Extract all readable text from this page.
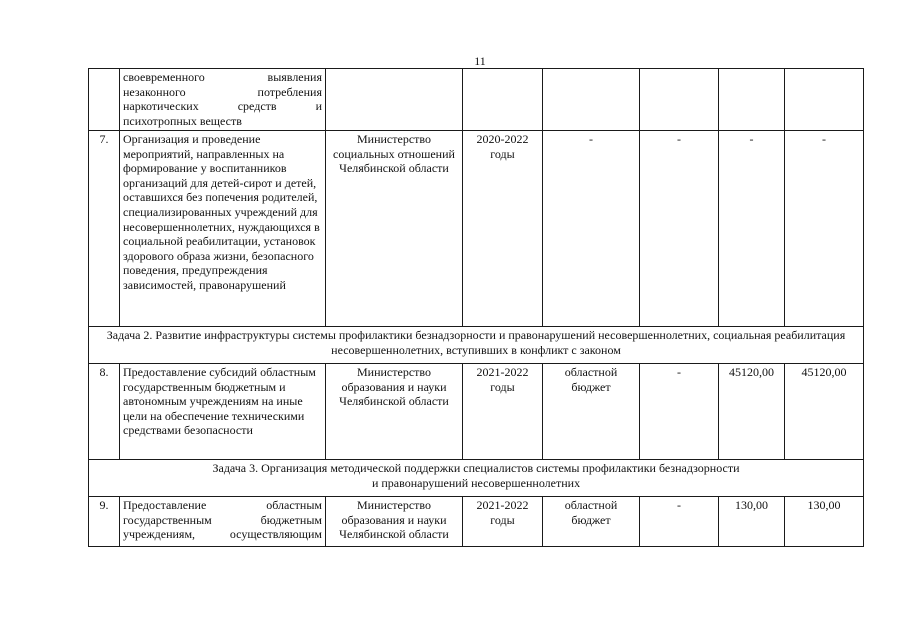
11

	своевременного выявления
незаконного потребления
наркотических средств и
психотропных веществ						

7.	Организация и проведение мероприятий, направленных на формирование у воспитанников организаций для детей-сирот и детей, оставшихся без попечения родителей, специализированных учреждений для несовершеннолетних, нуждающихся в социальной реабилитации, установок здорового образа жизни, безопасного поведения, предупреждения зависимостей, правонарушений	Министерство социальных отношений Челябинской области	2020-2022 годы	-	-	-	-
Задача 2. Развитие инфраструктуры системы профилактики безнадзорности и правонарушений несовершеннолетних, социальная реабилитация несовершеннолетних, вступивших в конфликт с законом							
8.	Предоставление субсидий областным государственным бюджетным и автономным учреждениям на иные цели на обеспечение техническими средствами безопасности	Министерство образования и науки Челябинской области	2021-2022 годы	областной бюджет	-	45120,00	45120,00

Задача 3. Организация методической поддержки специалистов системы профилактики безнадзорности
и правонарушений несовершеннолетних							

9.	Предоставление областным
государственным бюджетным
учреждениям, осуществляющим	Министерство образования и науки Челябинской области	2021-2022 годы	областной бюджет	-	130,00	130,00
